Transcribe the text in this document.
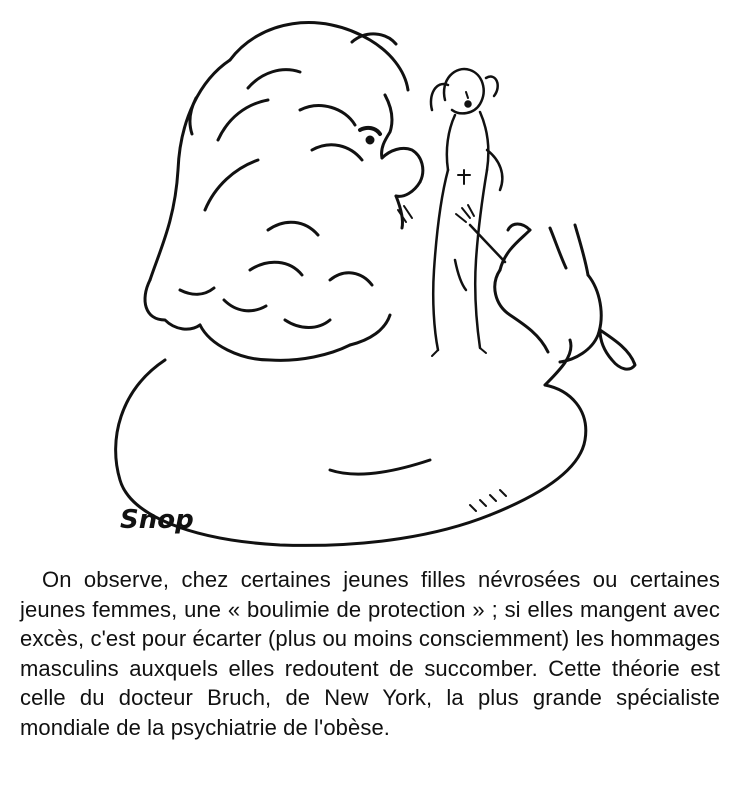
Snop

On observe, chez certaines jeunes filles névrosées ou certaines jeunes femmes, une « boulimie de protection » ; si elles mangent avec excès, c'est pour écarter (plus ou moins consciemment) les hommages masculins auxquels elles redoutent de succomber. Cette théorie est celle du docteur Bruch, de New York, la plus grande spécialiste mondiale de la psychiatrie de l'obèse.
